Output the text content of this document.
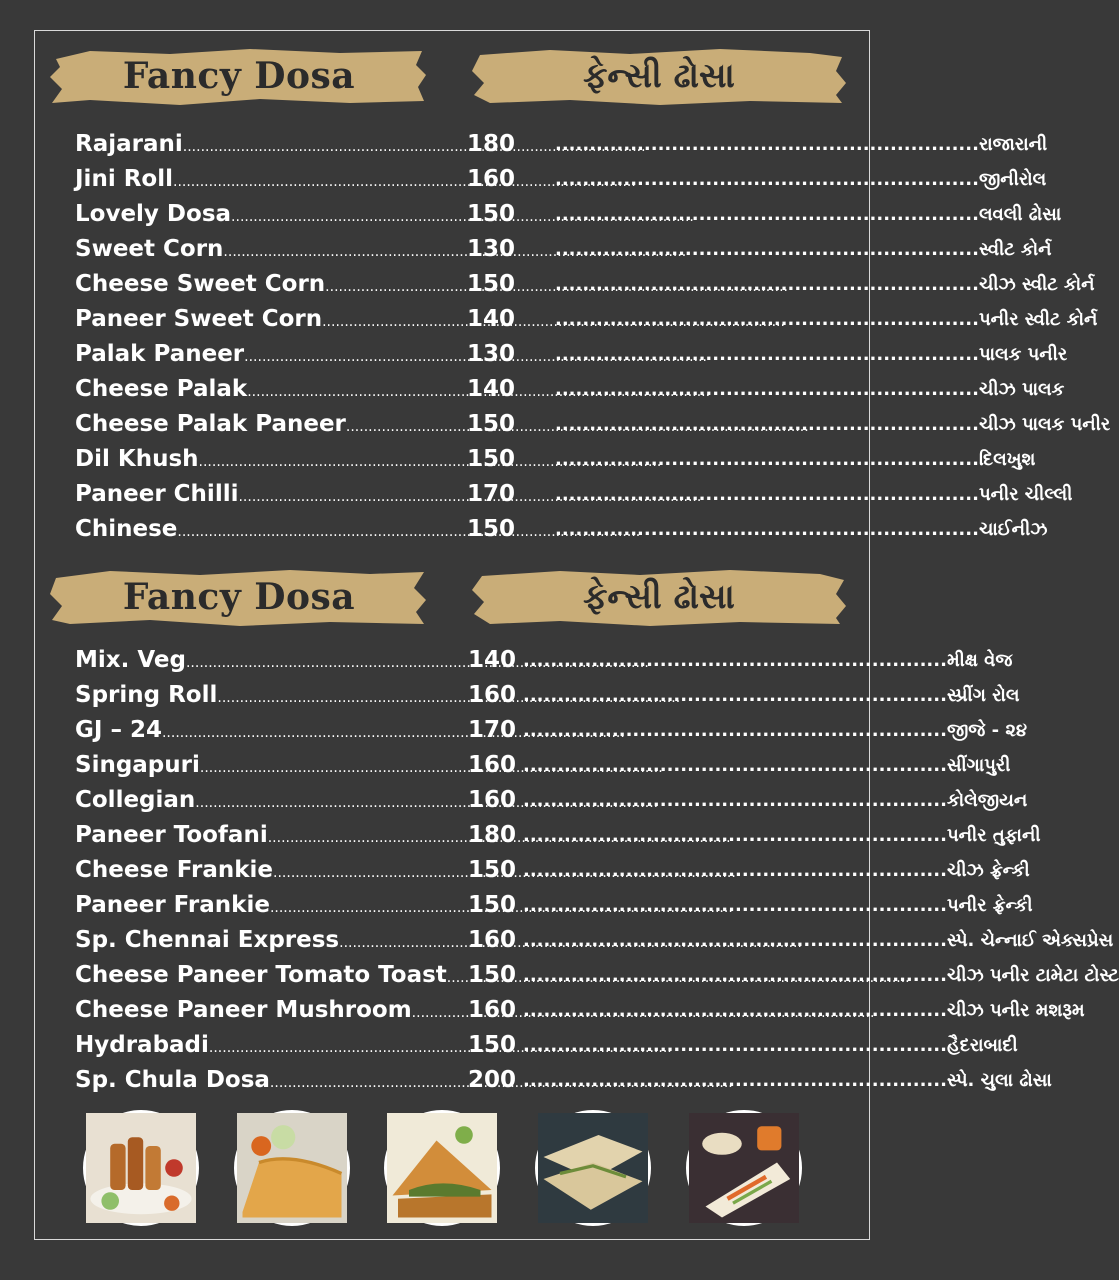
Fancy Dosa	ફેન્સી ઢોસા
Fancy Dosa	ફેન્સી ઢોસા
Rajarani .....	180	..... રાજારાની
Jini Roll .....	160	..... જીનીરોલ
Lovely Dosa .....	150	..... લવલી ઢોસા
Sweet Corn .....	130	..... સ્વીટ કોર્ન
Cheese Sweet Corn .....	150	..... ચીઝ સ્વીટ કોર્ન
Paneer Sweet Corn .....	140	..... પનીર સ્વીટ કોર્ન
Palak Paneer .....	130	..... પાલક પનીર
Cheese Palak .....	140	..... ચીઝ પાલક
Cheese Palak Paneer .....	150	..... ચીઝ પાલક પનીર
Dil Khush .....	150	..... દિલખુશ
Paneer Chilli .....	170	..... પનીર ચીલ્લી
Chinese .....	150	..... ચાઈનીઝ
Mix. Veg .....	140	..... મીક્ષ વેજ
Spring Roll .....	160	..... સ્પ્રીંગ રોલ
GJ – 24 .....	170	..... જીજે - ૨૪
Singapuri .....	160	..... સીંગાપુરી
Collegian .....	160	..... કોલેજીયન
Paneer Toofani .....	180	..... પનીર તુફાની
Cheese Frankie .....	150	..... ચીઝ ફ્રેન્કી
Paneer Frankie .....	150	..... પનીર ફ્રેન્કી
Sp. Chennai Express .....	160	..... સ્પે. ચેન્નાઈ એક્સપ્રેસ
Cheese Paneer Tomato Toast ..... 150	..... ચીઝ પનીર ટામેટા ટોસ્ટ
Cheese Paneer Mushroom .....	160	..... ચીઝ પનીર મશરૂમ
Hydrabadi .....	150	..... હૈદરાબાદી
Sp. Chula Dosa .....	200	..... સ્પે. ચુલા ઢોસા
